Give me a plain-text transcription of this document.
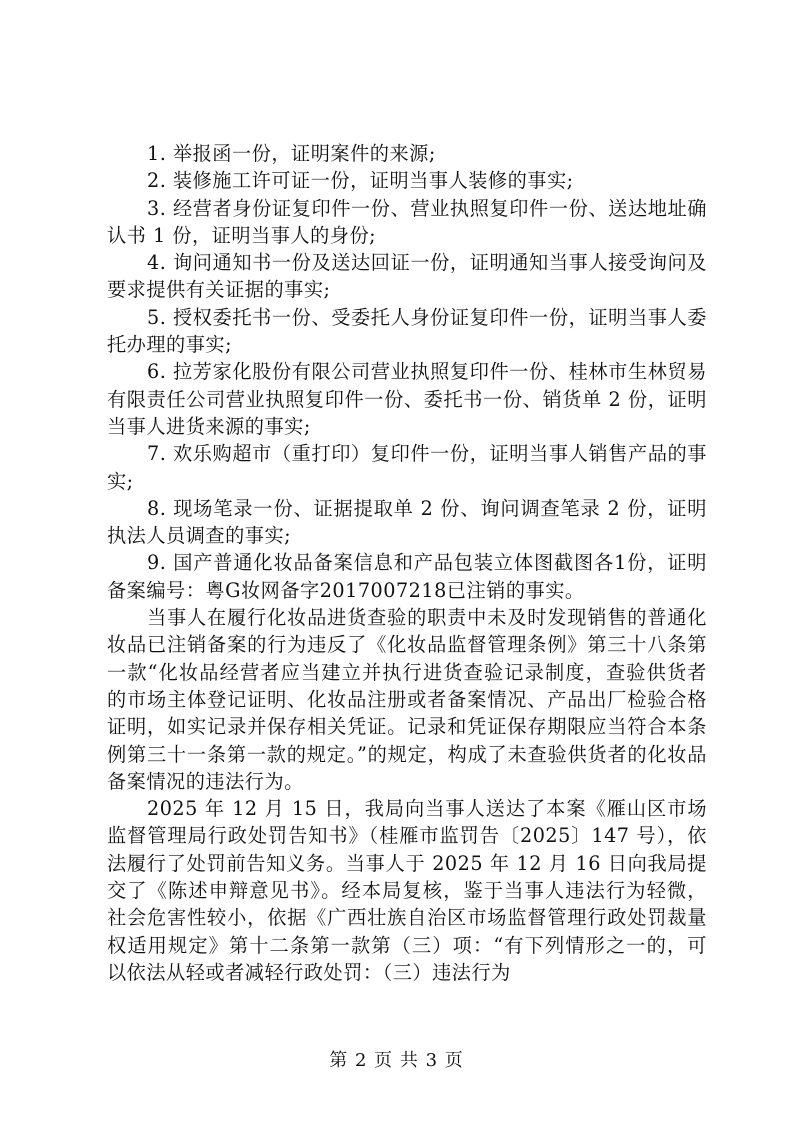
1. 举报函一份，证明案件的来源;

2. 装修施工许可证一份，证明当事人装修的事实;

3. 经营者身份证复印件一份、营业执照复印件一份、送达地址确认书 1 份，证明当事人的身份;

4. 询问通知书一份及送达回证一份，证明通知当事人接受询问及要求提供有关证据的事实;

5. 授权委托书一份、受委托人身份证复印件一份，证明当事人委托办理的事实;

6. 拉芳家化股份有限公司营业执照复印件一份、桂林市生林贸易有限责任公司营业执照复印件一份、委托书一份、销货单 2 份，证明当事人进货来源的事实;

7. 欢乐购超市（重打印）复印件一份，证明当事人销售产品的事实;

8. 现场笔录一份、证据提取单 2 份、询问调查笔录 2 份，证明执法人员调查的事实;

9. 国产普通化妆品备案信息和产品包装立体图截图各1份，证明备案编号：粤G妆网备字2017007218已注销的事实。

当事人在履行化妆品进货查验的职责中未及时发现销售的普通化妆品已注销备案的行为违反了《化妆品监督管理条例》第三十八条第一款“化妆品经营者应当建立并执行进货查验记录制度，查验供货者的市场主体登记证明、化妆品注册或者备案情况、产品出厂检验合格证明，如实记录并保存相关凭证。记录和凭证保存期限应当符合本条例第三十一条第一款的规定。”的规定，构成了未查验供货者的化妆品备案情况的违法行为。

2025 年 12 月 15 日，我局向当事人送达了本案《雁山区市场监督管理局行政处罚告知书》（桂雁市监罚告〔2025〕147 号），依法履行了处罚前告知义务。当事人于 2025 年 12 月 16 日向我局提交了《陈述申辩意见书》。经本局复核，鉴于当事人违法行为轻微，社会危害性较小，依据《广西壮族自治区市场监督管理行政处罚裁量权适用规定》第十二条第一款第（三）项：“有下列情形之一的，可以依法从轻或者减轻行政处罚：（三）违法行为

第 2 页 共 3 页
